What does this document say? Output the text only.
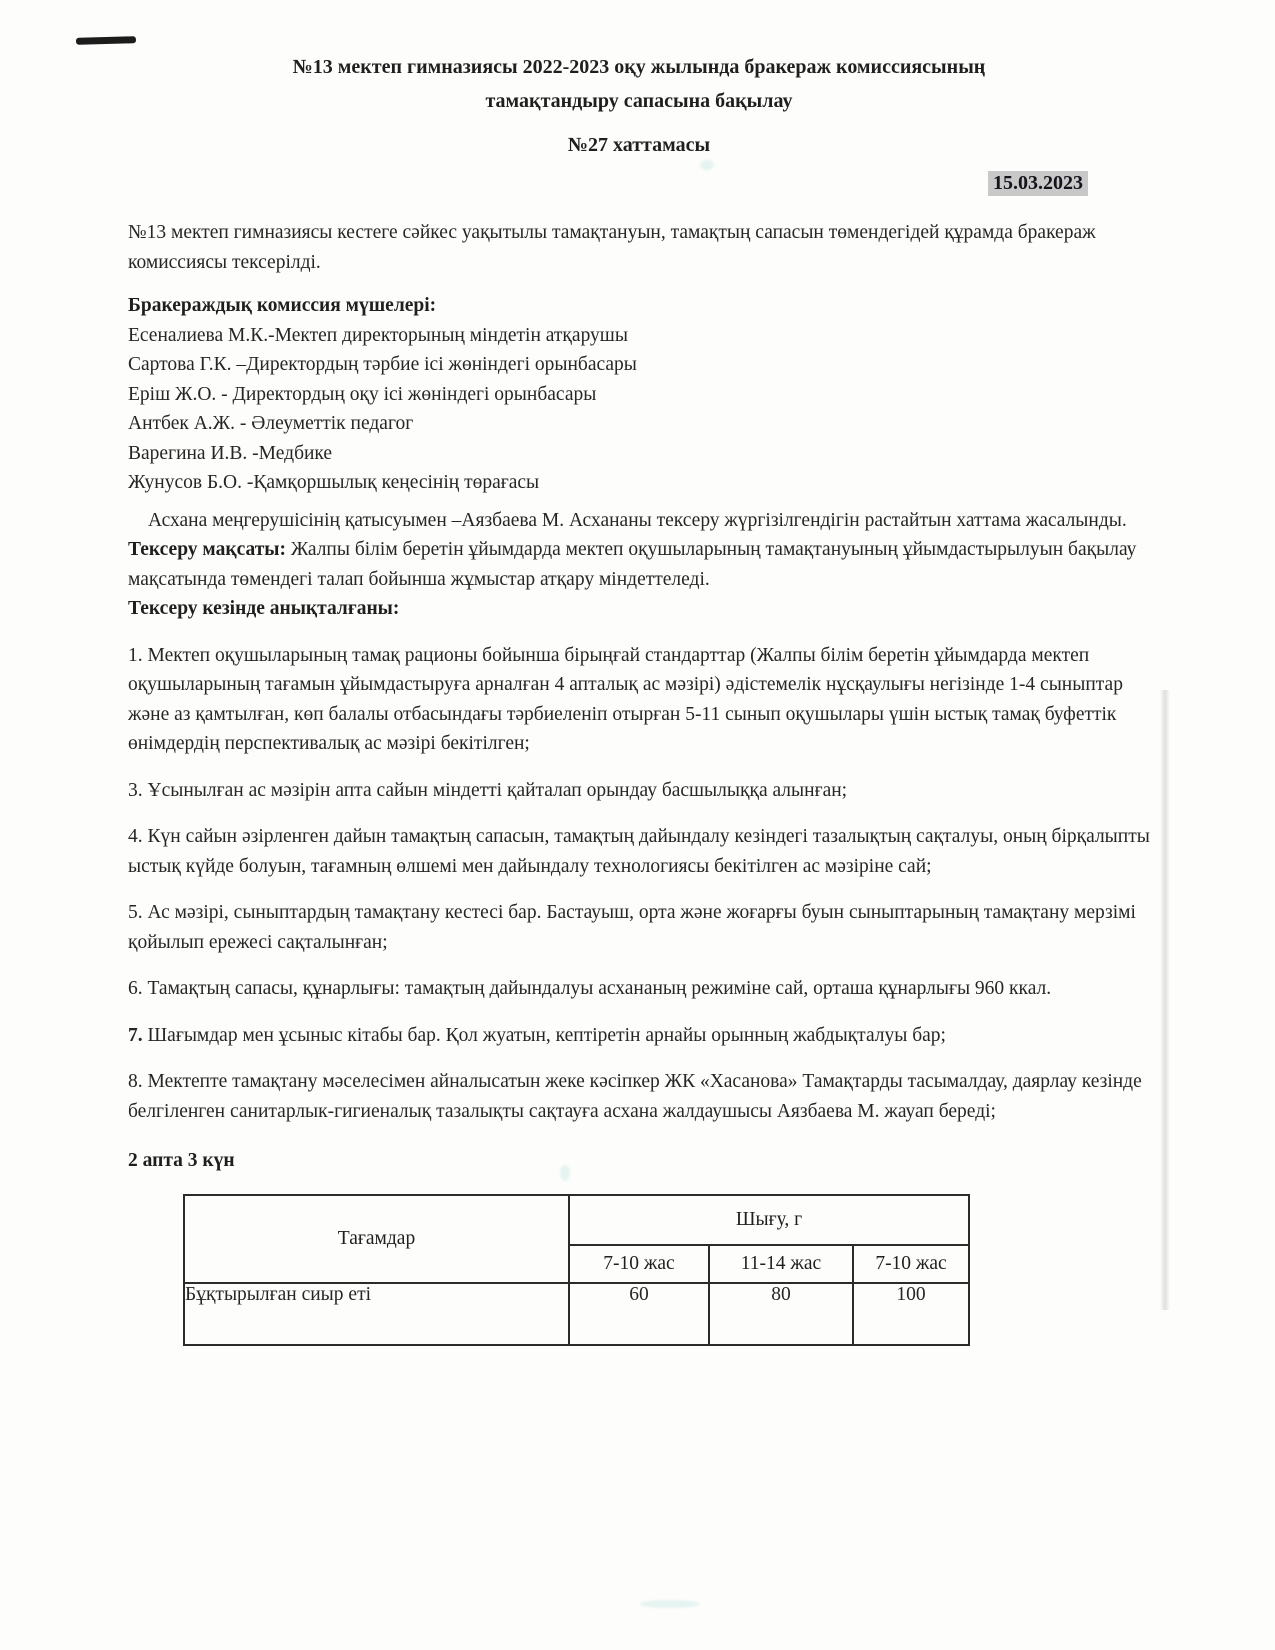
№13 мектеп гимназиясы 2022-2023 оқу жылында бракераж комиссиясының
тамақтандыру сапасына бақылау
№27 хаттамасы
15.03.2023

№13 мектеп гимназиясы кестеге сәйкес уақытылы тамақтануын, тамақтың сапасын төмендегідей құрамда бракераж комиссиясы тексерілді.

Бракераждық комиссия мүшелері:

Есеналиева М.К.-Мектеп директорының міндетін атқарушы
Сартова Г.К. –Директордың тәрбие ісі жөніндегі орынбасары
Еріш Ж.О. - Директордың оқу ісі жөніндегі орынбасары
Антбек А.Ж. - Әлеуметтік педагог
Варегина И.В. -Медбике
Жунусов Б.О. -Қамқоршылық кеңесінің төрағасы

Асхана меңгерушісінің қатысуымен –Аязбаева М. Асхананы тексеру жүргізілгендігін растайтын хаттама жасалынды.

Тексеру мақсаты: Жалпы білім беретін ұйымдарда мектеп оқушыларының тамақтануының ұйымдастырылуын бақылау мақсатында төмендегі талап бойынша жұмыстар атқару міндеттеледі.

Тексеру кезінде анықталғаны:

1. Мектеп оқушыларының тамақ рационы бойынша бірыңғай стандарттар (Жалпы білім беретін ұйымдарда мектеп оқушыларының тағамын ұйымдастыруға арналған 4 апталық ас мәзірі) әдістемелік нұсқаулығы негізінде 1-4 сыныптар және аз қамтылған, көп балалы отбасындағы тәрбиеленіп отырған 5-11 сынып оқушылары үшін ыстық тамақ буфеттік өнімдердің перспективалық ас мәзірі бекітілген;

3. Ұсынылған ас мәзірін апта сайын міндетті қайталап орындау басшылыққа алынған;

4. Күн сайын әзірленген дайын тамақтың сапасын, тамақтың дайындалу кезіндегі тазалықтың сақталуы, оның бірқалыпты ыстық күйде болуын, тағамның өлшемі мен дайындалу технологиясы бекітілген ас мәзіріне сай;

5. Ас мәзірі, сыныптардың тамақтану кестесі бар. Бастауыш, орта және жоғарғы буын сыныптарының тамақтану мерзімі қойылып ережесі сақталынған;

6. Тамақтың сапасы, құнарлығы: тамақтың дайындалуы асхананың режиміне сай, орташа құнарлығы 960 ккал.

7. Шағымдар мен ұсыныс кітабы бар. Қол жуатын, кептіретін арнайы орынның жабдықталуы бар;

8. Мектепте тамақтану мәселесімен айналысатын жеке кәсіпкер ЖК «Хасанова» Тамақтарды тасымалдау, даярлау кезінде белгіленген санитарлык-гигиеналық тазалықты сақтауға асхана жалдаушысы Аязбаева М. жауап береді;

2 апта 3 күн

Тағамдар	Шығу, г		
	7-10 жас	11-14 жас	7-10 жас
Бұқтырылған сиыр еті	60	80	100
